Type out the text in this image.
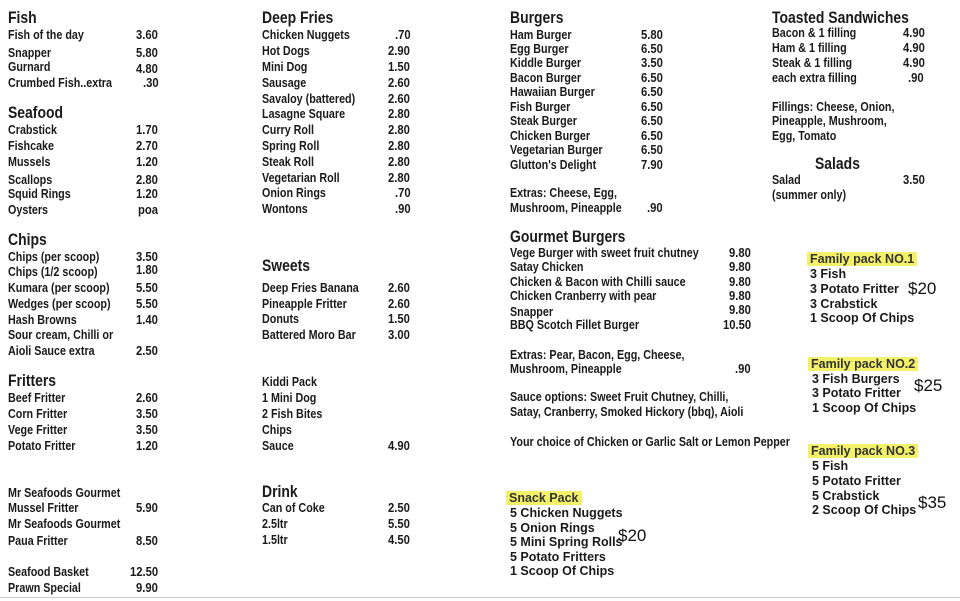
Fish
Fish of the day	3.60
Snapper	5.80
Gurnard	4.80
Crumbed Fish..extra .30
Seafood
Crabstick	1.70
Fishcake	2.70
Mussels	1.20
Scallops	2.80
Squid Rings	1.20
Oysters	poa
Chips
Chips (per scoop)	3.50
Chips (1/2 scoop)	1.80
Kumara (per scoop) 5.50
Wedges (per scoop) 5.50
Hash Browns	1.40
Sour cream, Chilli or
Aioli Sauce extra	2.50
Fritters
Beef Fritter	2.60
Corn Fritter	3.50
Vege Fritter	3.50
Potato Fritter	1.20
Mr Seafoods Gourmet
Mussel Fritter	5.90
Mr Seafoods Gourmet
Paua Fritter	8.50
Seafood Basket	12.50
Prawn Special	9.90
Deep Fries
Chicken Nuggets	.70
Hot Dogs	2.90
Mini Dog	1.50
Sausage	2.60
Savaloy (battered)	2.60
Lasagne Square	2.80
Curry Roll	2.80
Spring Roll	2.80
Steak Roll	2.80
Vegetarian Roll	2.80
Onion Rings	.70
Wontons	.90
Sweets
Deep Fries Banana 2.60
Pineapple Fritter	2.60
Donuts	1.50
Battered Moro Bar	3.00
Kiddi Pack
1 Mini Dog
2 Fish Bites
Chips
Sauce	4.90
Drink
Can of Coke	2.50
2.5ltr	5.50
1.5ltr	4.50
Burgers
Ham Burger	5.80
Egg Burger	6.50
Kiddle Burger	3.50
Bacon Burger	6.50
Hawaiian Burger	6.50
Fish Burger	6.50
Steak Burger	6.50
Chicken Burger	6.50
Vegetarian Burger	6.50
Glutton's Delight	7.90
Extras: Cheese, Egg,
Mushroom, Pineapple .90
Gourmet Burgers
Vege Burger with sweet fruit chutney 9.80
Satay Chicken	9.80
Chicken & Bacon with Chilli sauce	9.80
Chicken Cranberry with pear	9.80
Snapper	9.80
BBQ Scotch Fillet Burger	10.50
Extras: Pear, Bacon, Egg, Cheese,
Mushroom, Pineapple	.90
Sauce options: Sweet Fruit Chutney, Chilli,
Satay, Cranberry, Smoked Hickory (bbq), Aioli
Your choice of Chicken or Garlic Salt or Lemon Pepper
Snack Pack
5 Chicken Nuggets
5 Onion Rings
5 Mini Spring Rolls
5 Potato Fritters
1 Scoop Of Chips
$20
Toasted Sandwiches
Bacon & 1 filling	4.90
Ham & 1 filling	4.90
Steak & 1 filling	4.90
each extra filling	.90
Fillings: Cheese, Onion,
Pineapple, Mushroom,
Egg, Tomato
Salads
Salad	3.50
(summer only)
Family pack NO.1
3 Fish
3 Potato Fritter
3 Crabstick
1 Scoop Of Chips
$20
Family pack NO.2
3 Fish Burgers
3 Potato Fritter
1 Scoop Of Chips
$25
Family pack NO.3
5 Fish
5 Potato Fritter
5 Crabstick
2 Scoop Of Chips $35
